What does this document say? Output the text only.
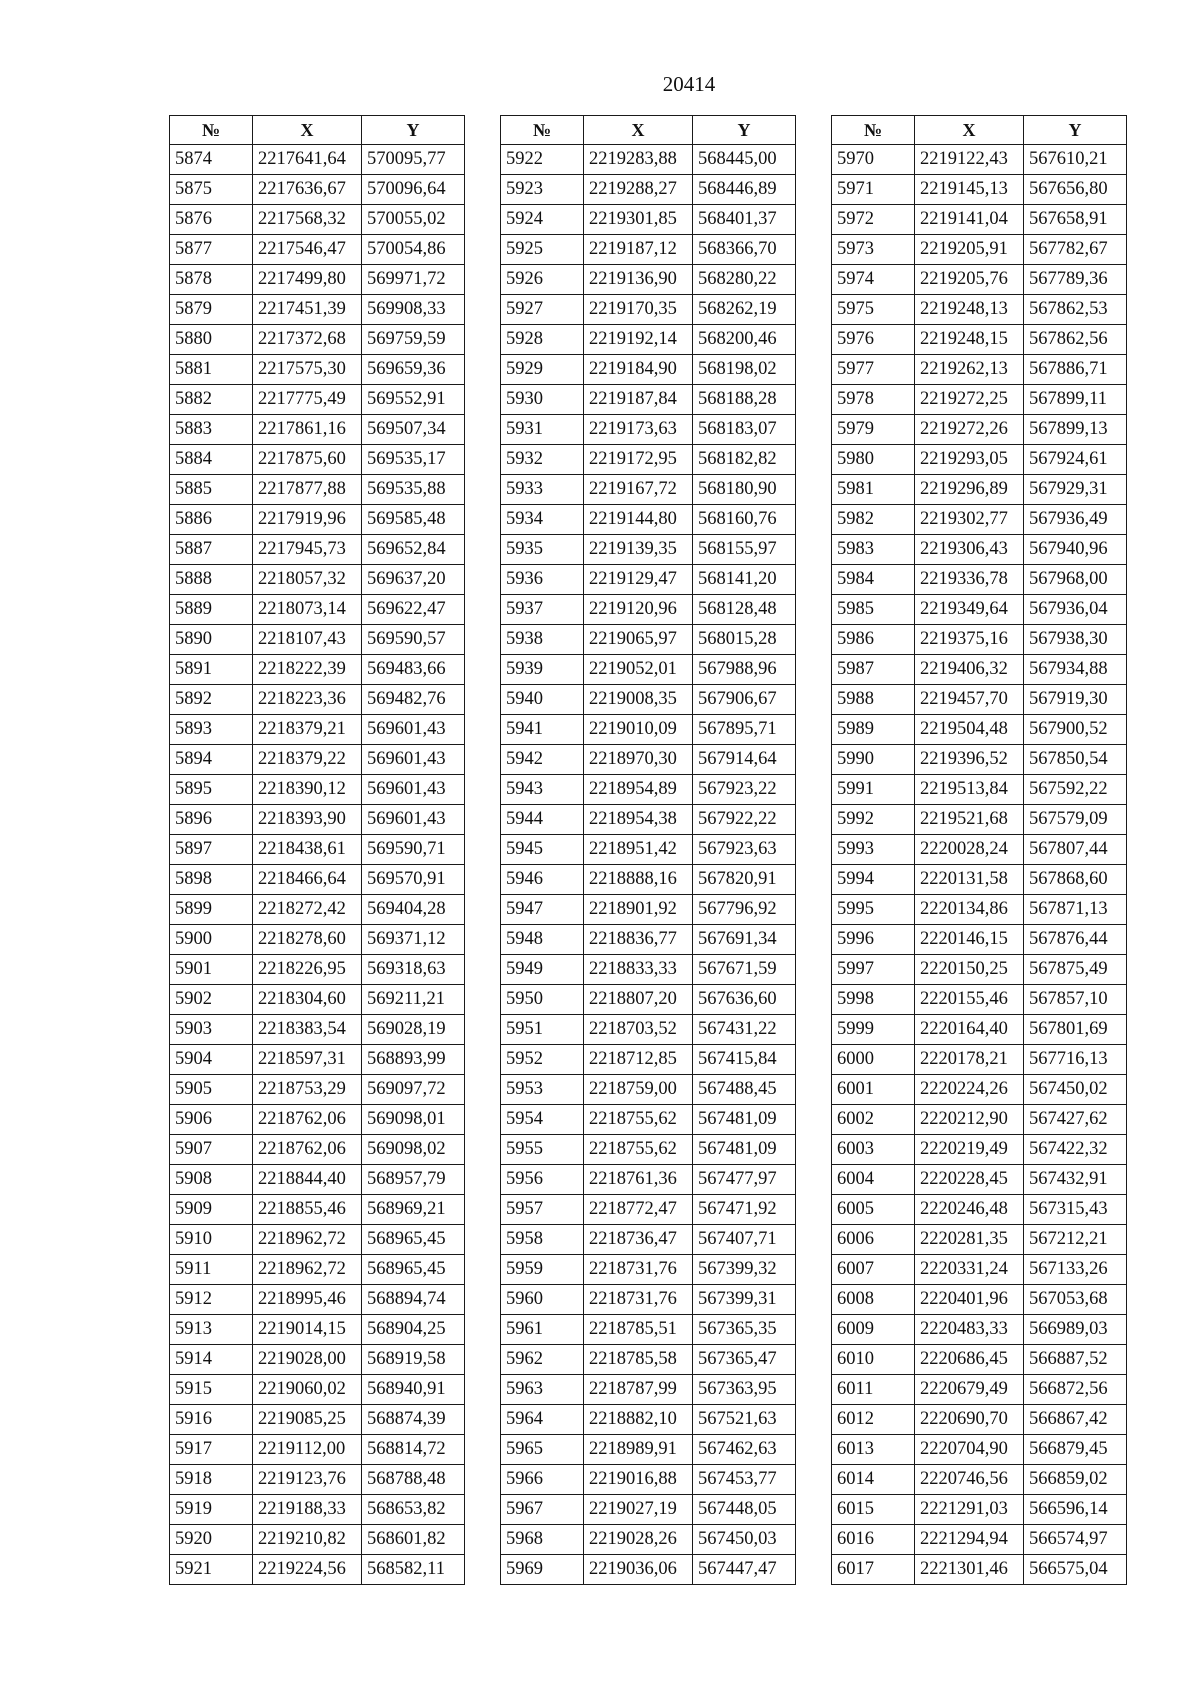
20414
№	X	Y
5874	2217641,64	570095,77
5875	2217636,67	570096,64
5876	2217568,32	570055,02
5877	2217546,47	570054,86
5878	2217499,80	569971,72
5879	2217451,39	569908,33
5880	2217372,68	569759,59
5881	2217575,30	569659,36
5882	2217775,49	569552,91
5883	2217861,16	569507,34
5884	2217875,60	569535,17
5885	2217877,88	569535,88
5886	2217919,96	569585,48
5887	2217945,73	569652,84
5888	2218057,32	569637,20
5889	2218073,14	569622,47
5890	2218107,43	569590,57
5891	2218222,39	569483,66
5892	2218223,36	569482,76
5893	2218379,21	569601,43
5894	2218379,22	569601,43
5895	2218390,12	569601,43
5896	2218393,90	569601,43
5897	2218438,61	569590,71
5898	2218466,64	569570,91
5899	2218272,42	569404,28
5900	2218278,60	569371,12
5901	2218226,95	569318,63
5902	2218304,60	569211,21
5903	2218383,54	569028,19
5904	2218597,31	568893,99
5905	2218753,29	569097,72
5906	2218762,06	569098,01
5907	2218762,06	569098,02
5908	2218844,40	568957,79
5909	2218855,46	568969,21
5910	2218962,72	568965,45
5911	2218962,72	568965,45
5912	2218995,46	568894,74
5913	2219014,15	568904,25
5914	2219028,00	568919,58
5915	2219060,02	568940,91
5916	2219085,25	568874,39
5917	2219112,00	568814,72
5918	2219123,76	568788,48
5919	2219188,33	568653,82
5920	2219210,82	568601,82
5921	2219224,56	568582,11
№	X	Y
5922	2219283,88	568445,00
5923	2219288,27	568446,89
5924	2219301,85	568401,37
5925	2219187,12	568366,70
5926	2219136,90	568280,22
5927	2219170,35	568262,19
5928	2219192,14	568200,46
5929	2219184,90	568198,02
5930	2219187,84	568188,28
5931	2219173,63	568183,07
5932	2219172,95	568182,82
5933	2219167,72	568180,90
5934	2219144,80	568160,76
5935	2219139,35	568155,97
5936	2219129,47	568141,20
5937	2219120,96	568128,48
5938	2219065,97	568015,28
5939	2219052,01	567988,96
5940	2219008,35	567906,67
5941	2219010,09	567895,71
5942	2218970,30	567914,64
5943	2218954,89	567923,22
5944	2218954,38	567922,22
5945	2218951,42	567923,63
5946	2218888,16	567820,91
5947	2218901,92	567796,92
5948	2218836,77	567691,34
5949	2218833,33	567671,59
5950	2218807,20	567636,60
5951	2218703,52	567431,22
5952	2218712,85	567415,84
5953	2218759,00	567488,45
5954	2218755,62	567481,09
5955	2218755,62	567481,09
5956	2218761,36	567477,97
5957	2218772,47	567471,92
5958	2218736,47	567407,71
5959	2218731,76	567399,32
5960	2218731,76	567399,31
5961	2218785,51	567365,35
5962	2218785,58	567365,47
5963	2218787,99	567363,95
5964	2218882,10	567521,63
5965	2218989,91	567462,63
5966	2219016,88	567453,77
5967	2219027,19	567448,05
5968	2219028,26	567450,03
5969	2219036,06	567447,47
№	X	Y
5970	2219122,43	567610,21
5971	2219145,13	567656,80
5972	2219141,04	567658,91
5973	2219205,91	567782,67
5974	2219205,76	567789,36
5975	2219248,13	567862,53
5976	2219248,15	567862,56
5977	2219262,13	567886,71
5978	2219272,25	567899,11
5979	2219272,26	567899,13
5980	2219293,05	567924,61
5981	2219296,89	567929,31
5982	2219302,77	567936,49
5983	2219306,43	567940,96
5984	2219336,78	567968,00
5985	2219349,64	567936,04
5986	2219375,16	567938,30
5987	2219406,32	567934,88
5988	2219457,70	567919,30
5989	2219504,48	567900,52
5990	2219396,52	567850,54
5991	2219513,84	567592,22
5992	2219521,68	567579,09
5993	2220028,24	567807,44
5994	2220131,58	567868,60
5995	2220134,86	567871,13
5996	2220146,15	567876,44
5997	2220150,25	567875,49
5998	2220155,46	567857,10
5999	2220164,40	567801,69
6000	2220178,21	567716,13
6001	2220224,26	567450,02
6002	2220212,90	567427,62
6003	2220219,49	567422,32
6004	2220228,45	567432,91
6005	2220246,48	567315,43
6006	2220281,35	567212,21
6007	2220331,24	567133,26
6008	2220401,96	567053,68
6009	2220483,33	566989,03
6010	2220686,45	566887,52
6011	2220679,49	566872,56
6012	2220690,70	566867,42
6013	2220704,90	566879,45
6014	2220746,56	566859,02
6015	2221291,03	566596,14
6016	2221294,94	566574,97
6017	2221301,46	566575,04
